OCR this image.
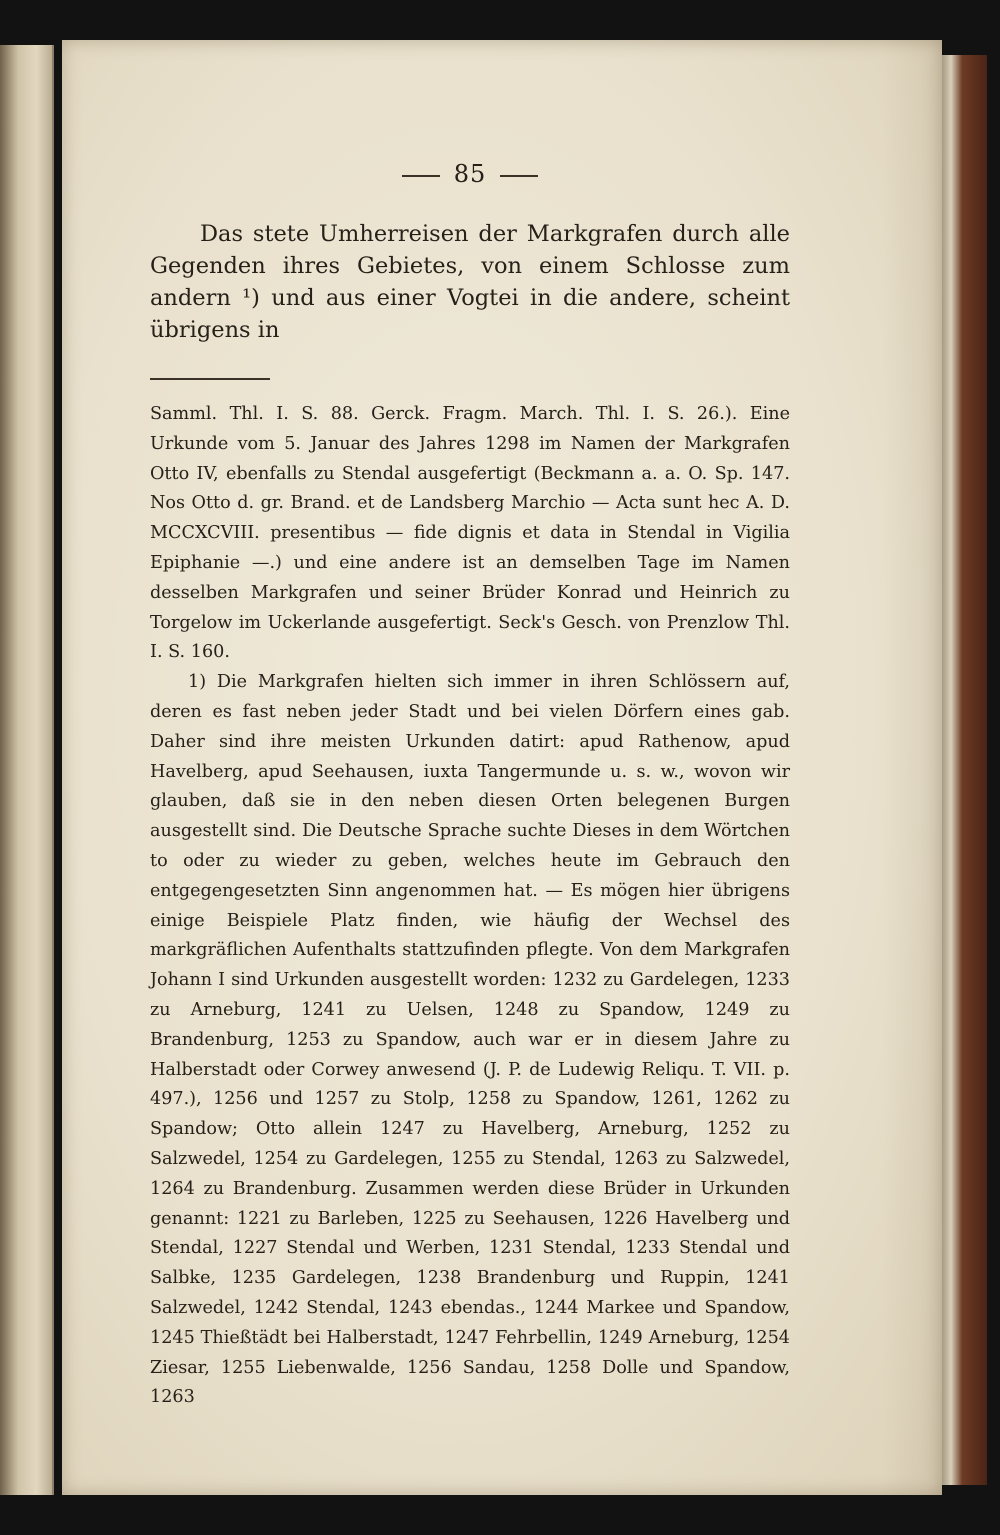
85

Das stete Umherreisen der Markgrafen durch alle Gegenden ihres Gebietes, von einem Schlosse zum andern ¹) und aus einer Vogtei in die andere, scheint übrigens in

Samml. Thl. I. S. 88. Gerck. Fragm. March. Thl. I. S. 26.). Eine Urkunde vom 5. Januar des Jahres 1298 im Namen der Markgrafen Otto IV, ebenfalls zu Stendal ausgefertigt (Beckmann a. a. O. Sp. 147. Nos Otto d. gr. Brand. et de Landsberg Marchio — Acta sunt hec A. D. MCCXCVIII. presentibus — fide dignis et data in Stendal in Vigilia Epiphanie —.) und eine andere ist an demselben Tage im Namen desselben Markgrafen und seiner Brüder Konrad und Heinrich zu Torgelow im Uckerlande ausgefertigt. Seck's Gesch. von Prenzlow Thl. I. S. 160.

1) Die Markgrafen hielten sich immer in ihren Schlössern auf, deren es fast neben jeder Stadt und bei vielen Dörfern eines gab. Daher sind ihre meisten Urkunden datirt: apud Rathenow, apud Havelberg, apud Seehausen, iuxta Tangermunde u. s. w., wovon wir glauben, daß sie in den neben diesen Orten belegenen Burgen ausgestellt sind. Die Deutsche Sprache suchte Dieses in dem Wörtchen to oder zu wieder zu geben, welches heute im Gebrauch den entgegengesetzten Sinn angenommen hat. — Es mögen hier übrigens einige Beispiele Platz finden, wie häufig der Wechsel des markgräflichen Aufenthalts stattzufinden pflegte. Von dem Markgrafen Johann I sind Urkunden ausgestellt worden: 1232 zu Gardelegen, 1233 zu Arneburg, 1241 zu Uelsen, 1248 zu Spandow, 1249 zu Brandenburg, 1253 zu Spandow, auch war er in diesem Jahre zu Halberstadt oder Corwey anwesend (J. P. de Ludewig Reliqu. T. VII. p. 497.), 1256 und 1257 zu Stolp, 1258 zu Spandow, 1261, 1262 zu Spandow; Otto allein 1247 zu Havelberg, Arneburg, 1252 zu Salzwedel, 1254 zu Gardelegen, 1255 zu Stendal, 1263 zu Salzwedel, 1264 zu Brandenburg. Zusammen werden diese Brüder in Urkunden genannt: 1221 zu Barleben, 1225 zu Seehausen, 1226 Havelberg und Stendal, 1227 Stendal und Werben, 1231 Stendal, 1233 Stendal und Salbke, 1235 Gardelegen, 1238 Brandenburg und Ruppin, 1241 Salzwedel, 1242 Stendal, 1243 ebendas., 1244 Markee und Spandow, 1245 Thießtädt bei Halberstadt, 1247 Fehrbellin, 1249 Arneburg, 1254 Ziesar, 1255 Liebenwalde, 1256 Sandau, 1258 Dolle und Spandow, 1263
